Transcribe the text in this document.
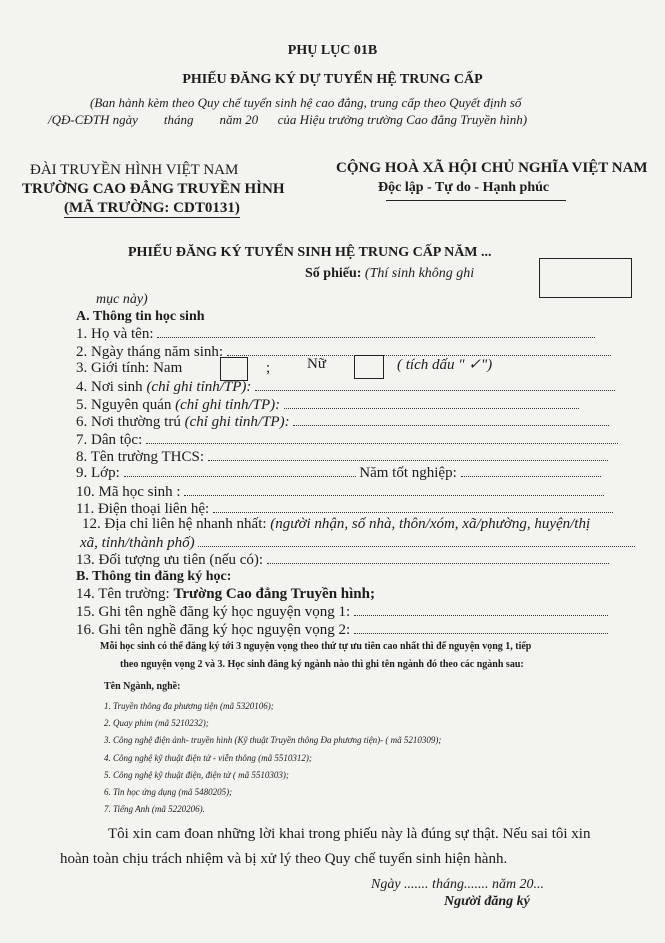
PHỤ LỤC 01B
PHIẾU ĐĂNG KÝ DỰ TUYỂN HỆ TRUNG CẤP
(Ban hành kèm theo Quy chế tuyển sinh hệ cao đẳng, trung cấp theo Quyết định số
/QĐ-CĐTH ngày        tháng        năm 20      của Hiệu trưởng trường Cao đẳng Truyền hình)
ĐÀI TRUYỀN HÌNH VIỆT NAM
TRƯỜNG CAO ĐẲNG TRUYỀN HÌNH
(MÃ TRƯỜNG: CDT0131)
CỘNG HOÀ XÃ HỘI CHỦ NGHĨA VIỆT NAM
Độc lập - Tự do - Hạnh phúc
PHIẾU ĐĂNG KÝ TUYỂN SINH HỆ TRUNG CẤP NĂM ...
Số phiếu: (Thí sinh không ghi
mục này)
A. Thông tin học sinh
1. Họ và tên:
2. Ngày tháng năm sinh:
3. Giới tính: Nam	; Nữ	( tích dấu " ✓")
4. Nơi sinh (chỉ ghi tỉnh/TP):
5. Nguyên quán (chỉ ghi tỉnh/TP):
6. Nơi thường trú (chỉ ghi tỉnh/TP):
7. Dân tộc:
8. Tên trường THCS:
9. Lớp:	Năm tốt nghiệp:
10. Mã học sinh :
11. Điện thoại liên hệ:
12. Địa chỉ liên hệ nhanh nhất: (người nhận, số nhà, thôn/xóm, xã/phường, huyện/thị
xã, tỉnh/thành phố)
13. Đối tượng ưu tiên (nếu có):
B. Thông tin đăng ký học:
14. Tên trường: Trường Cao đẳng Truyền hình;
15. Ghi tên nghề đăng ký học nguyện vọng 1:
16. Ghi tên nghề đăng ký học nguyện vọng 2:
Mỗi học sinh có thể đăng ký tới 3 nguyện vọng theo thứ tự ưu tiên cao nhất thì để nguyện vọng 1, tiếp
theo nguyện vọng 2 và 3. Học sinh đăng ký ngành nào thì ghi tên ngành đó theo các ngành sau:
Tên Ngành, nghề:
1. Truyền thông đa phương tiện (mã 5320106);
2. Quay phim (mã 5210232);
3. Công nghệ điện ảnh- truyền hình (Kỹ thuật Truyền thông Đa phương tiện)- ( mã 5210309);
4. Công nghệ kỹ thuật điện tử - viễn thông (mã 5510312);
5. Công nghệ kỹ thuật điện, điện tử ( mã 5510303);
6. Tin học ứng dụng (mã 5480205);
7. Tiếng Anh (mã 5220206).
Tôi xin cam đoan những lời khai trong phiếu này là đúng sự thật. Nếu sai tôi xin
hoàn toàn chịu trách nhiệm và bị xử lý theo Quy chế tuyển sinh hiện hành.
Ngày ....... tháng....... năm 20...
Người đăng ký
